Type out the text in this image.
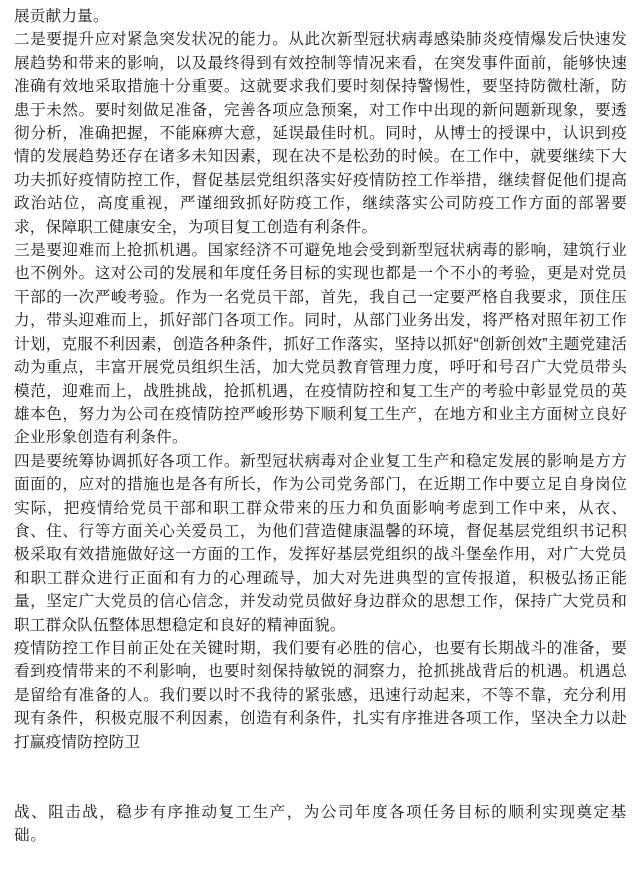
展贡献力量。

二是要提升应对紧急突发状况的能力。从此次新型冠状病毒感染肺炎疫情爆发后快速发展趋势和带来的影响，以及最终得到有效控制等情况来看，在突发事件面前，能够快速准确有效地采取措施十分重要。这就要求我们要时刻保持警惕性，要坚持防微杜渐，防患于未然。要时刻做足准备，完善各项应急预案，对工作中出现的新问题新现象，要透彻分析，准确把握，不能麻痹大意，延误最佳时机。同时，从博士的授课中，认识到疫情的发展趋势还存在诸多未知因素，现在决不是松劲的时候。在工作中，就要继续下大功夫抓好疫情防控工作，督促基层党组织落实好疫情防控工作举措，继续督促他们提高政治站位，高度重视，严谨细致抓好防疫工作，继续落实公司防疫工作方面的部署要求，保障职工健康安全，为项目复工创造有利条件。

三是要迎难而上抢抓机遇。国家经济不可避免地会受到新型冠状病毒的影响，建筑行业也不例外。这对公司的发展和年度任务目标的实现也都是一个不小的考验，更是对党员干部的一次严峻考验。作为一名党员干部，首先，我自己一定要严格自我要求，顶住压力，带头迎难而上，抓好部门各项工作。同时，从部门业务出发，将严格对照年初工作计划，克服不利因素，创造各种条件，抓好工作落实，坚持以抓好“创新创效”主题党建活动为重点，丰富开展党员组织生活，加大党员教育管理力度，呼吁和号召广大党员带头模范，迎难而上，战胜挑战，抢抓机遇，在疫情防控和复工生产的考验中彰显党员的英雄本色，努力为公司在疫情防控严峻形势下顺利复工生产，在地方和业主方面树立良好企业形象创造有利条件。

四是要统筹协调抓好各项工作。新型冠状病毒对企业复工生产和稳定发展的影响是方方面面的，应对的措施也是各有所长，作为公司党务部门，在近期工作中要立足自身岗位实际，把疫情给党员干部和职工群众带来的压力和负面影响考虑到工作中来，从衣、食、住、行等方面关心关爱员工，为他们营造健康温馨的环境，督促基层党组织书记积极采取有效措施做好这一方面的工作，发挥好基层党组织的战斗堡垒作用，对广大党员和职工群众进行正面和有力的心理疏导，加大对先进典型的宣传报道，积极弘扬正能量，坚定广大党员的信心信念，并发动党员做好身边群众的思想工作，保持广大党员和职工群众队伍整体思想稳定和良好的精神面貌。

疫情防控工作目前正处在关键时期，我们要有必胜的信心，也要有长期战斗的准备，要看到疫情带来的不利影响，也要时刻保持敏锐的洞察力，抢抓挑战背后的机遇。机遇总是留给有准备的人。我们要以时不我待的紧张感，迅速行动起来，不等不靠，充分利用现有条件，积极克服不利因素，创造有利条件，扎实有序推进各项工作，坚决全力以赴打赢疫情防控防卫

战、阻击战，稳步有序推动复工生产，为公司年度各项任务目标的顺利实现奠定基础。
